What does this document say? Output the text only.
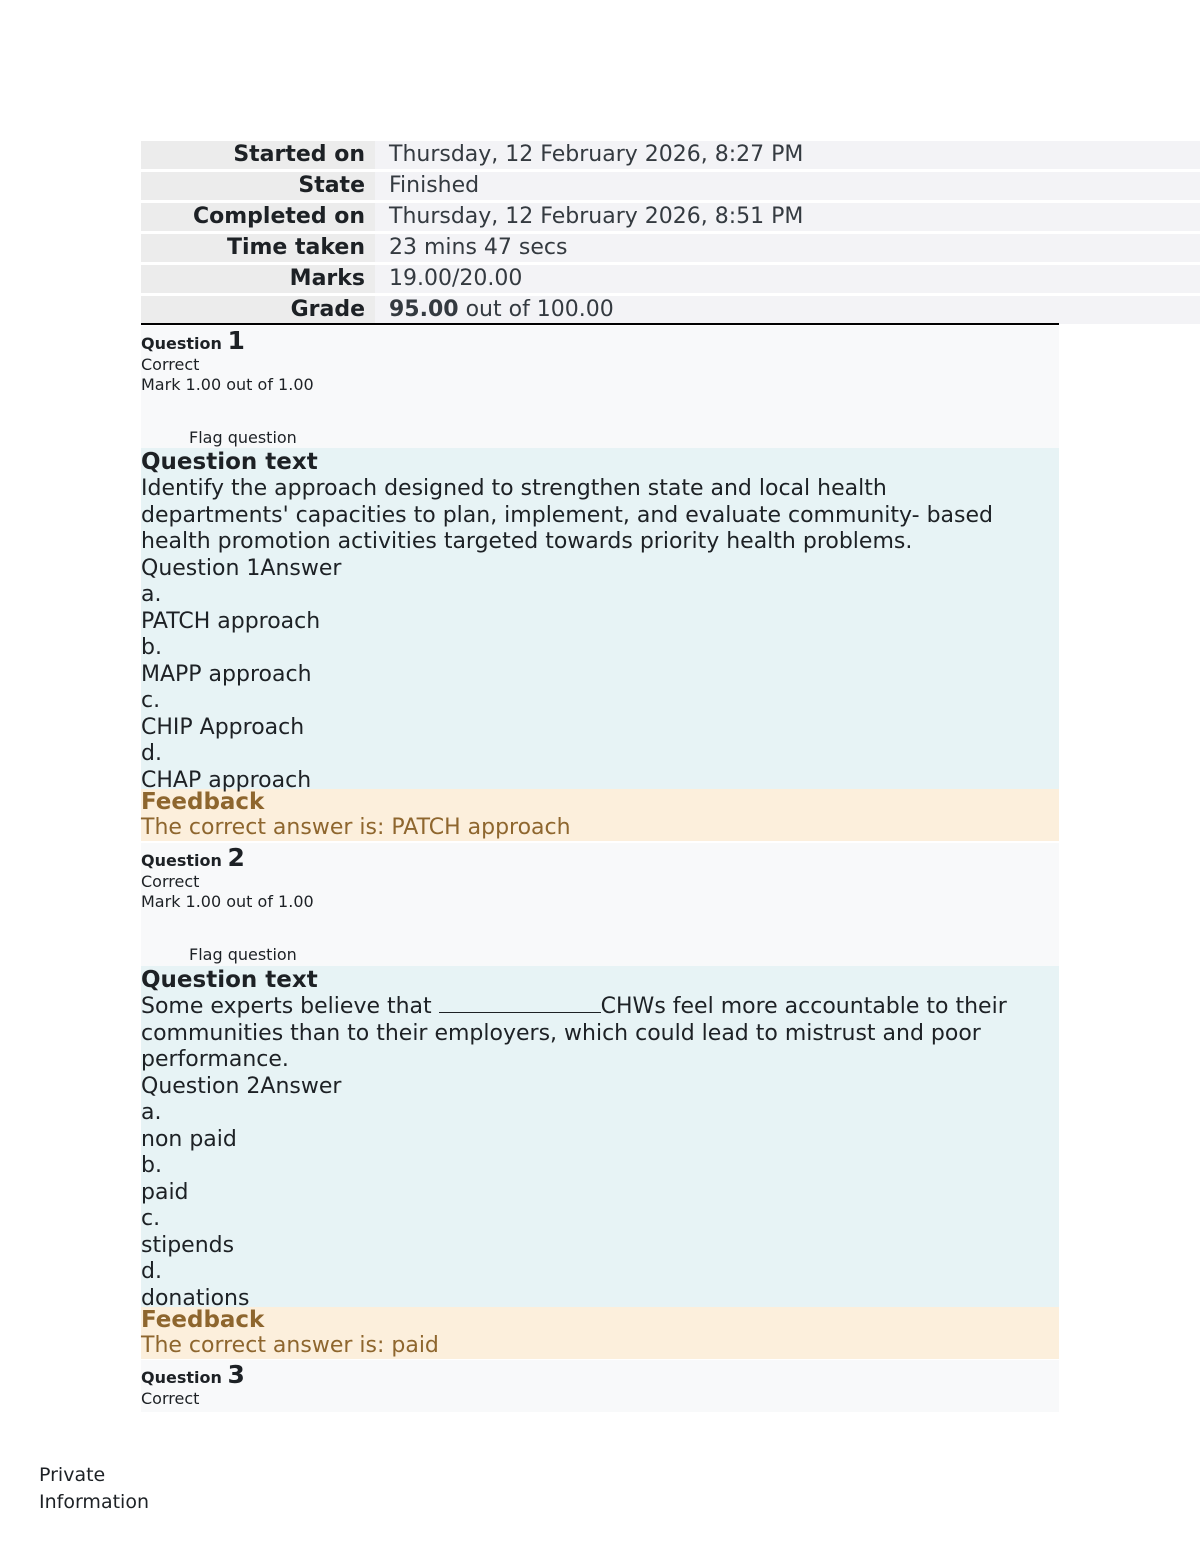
Started on	Thursday, 12 February 2026, 8:27 PM
State	Finished
Completed on	Thursday, 12 February 2026, 8:51 PM
Time taken	23 mins 47 secs
Marks	19.00/20.00
Grade	95.00 out of 100.00
Question 1
Correct
Mark 1.00 out of 1.00
Flag question
Question text
Identify the approach designed to strengthen state and local health
departments' capacities to plan, implement, and evaluate community- based
health promotion activities targeted towards priority health problems.
Question 1Answer
a.
PATCH approach
b.
MAPP approach
c.
CHIP Approach
d.
CHAP approach
Feedback
The correct answer is: PATCH approach
Question 2
Correct
Mark 1.00 out of 1.00
Flag question
Question text
Some experts believe that	CHWs feel more accountable to their
communities than to their employers, which could lead to mistrust and poor
performance.
Question 2Answer
a.
non paid
b.
paid
c.
stipends
d.
donations
Feedback
The correct answer is: paid
Question 3
Correct
Private
Information
